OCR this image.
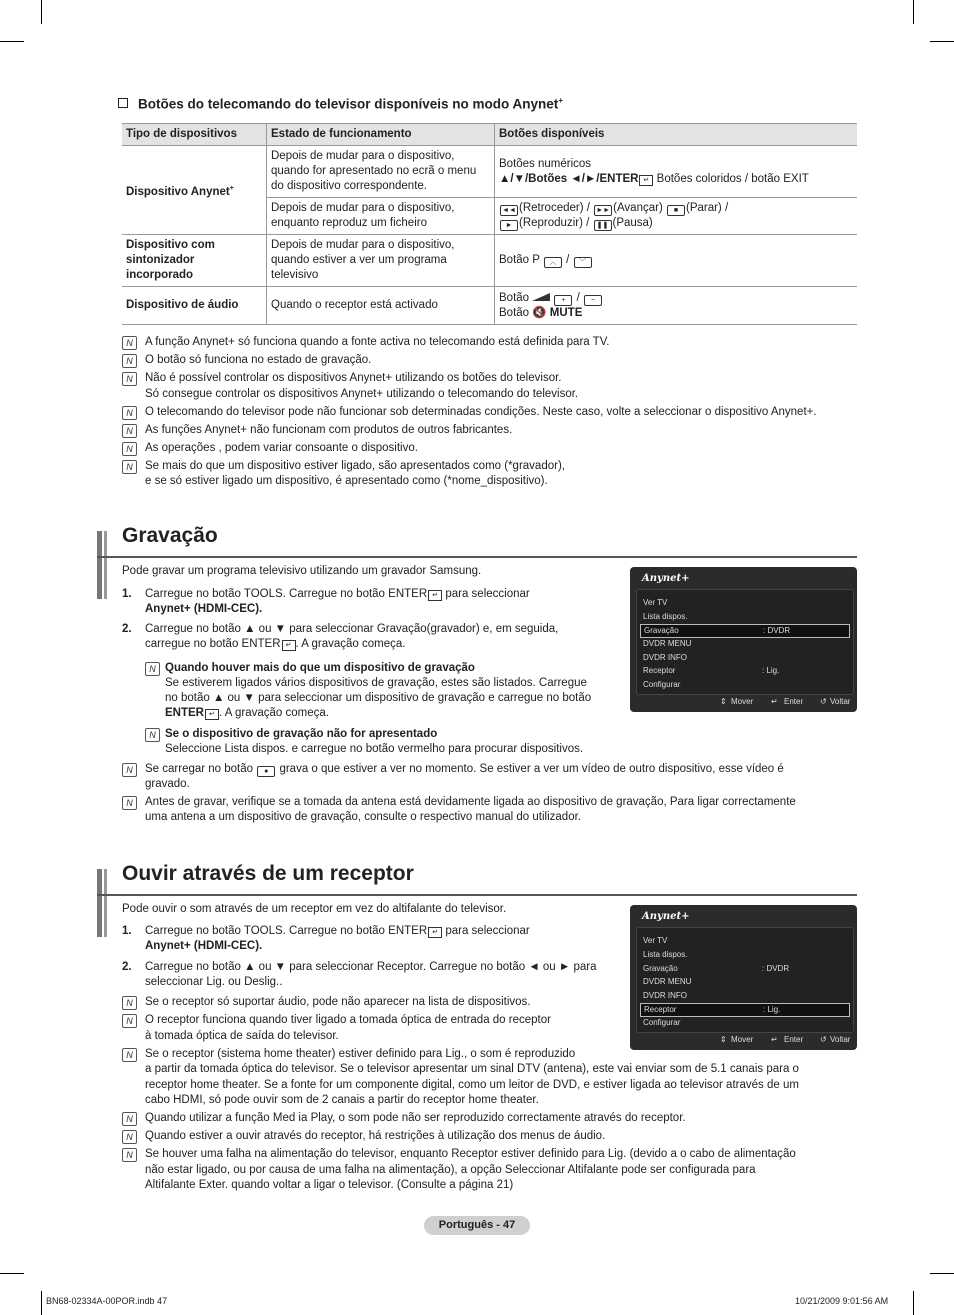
Botões do telecomando do televisor disponíveis no modo Anynet+
Tipo de dispositivos	Estado de funcionamento	Botões disponíveis
Dispositivo Anynet+	Depois de mudar para o dispositivo, quando for apresentado no ecrã o menu do dispositivo correspondente.	Botões numéricos
▲/▼/Botões ◄/►/ENTER ↵ Botões coloridos / botão EXIT

	Depois de mudar para o dispositivo, enquanto reproduz um ficheiro	◄◄ (Retroceder) / ►► (Avançar) ■ (Parar) /
► (Reproduzir) / ❚❚ (Pausa)

Dispositivo com sintonizador incorporado	Depois de mudar para o dispositivo, quando estiver a ver um programa televisivo	Botão P ︿ / ﹀
Dispositivo de áudio	Quando o receptor está activado	Botão + / −
Botão 🔇 MUTE
N	A função Anynet+ só funciona quando a fonte activa no telecomando está definida para TV.
N	O botão só funciona no estado de gravação.
N	Não é possível controlar os dispositivos Anynet+ utilizando os botões do televisor.
Só consegue controlar os dispositivos Anynet+ utilizando o telecomando do televisor.
N	O telecomando do televisor pode não funcionar sob determinadas condições. Neste caso, volte a seleccionar o dispositivo Anynet+.
N	As funções Anynet+ não funcionam com produtos de outros fabricantes.
N	As operações , podem variar consoante o dispositivo.
N	Se mais do que um dispositivo estiver ligado, são apresentados como (*gravador),
e se só estiver ligado um dispositivo, é apresentado como (*nome_dispositivo).
Gravação
Pode gravar um programa televisivo utilizando um gravador Samsung.
1. Carregue no botão TOOLS. Carregue no botão ENTER ↵ para seleccionar
Anynet+ (HDMI-CEC).
2. Carregue no botão ▲ ou ▼ para seleccionar Gravação(gravador) e, em seguida,
carregue no botão ENTER ↵ . A gravação começa.
N Quando houver mais do que um dispositivo de gravação
Se estiverem ligados vários dispositivos de gravação, estes são listados. Carregue
no botão ▲ ou ▼ para seleccionar um dispositivo de gravação e carregue no botão
ENTER ↵ . A gravação começa.
N Se o dispositivo de gravação não for apresentado
Seleccione Lista dispos. e carregue no botão vermelho para procurar dispositivos.
N	Se carregar no botão ● grava o que estiver a ver no momento. Se estiver a ver um vídeo de outro dispositivo, esse vídeo é
gravado.
N	Antes de gravar, verifique se a tomada da antena está devidamente ligada ao dispositivo de gravação, Para ligar correctamente
uma antena a um dispositivo de gravação, consulte o respectivo manual do utilizador.
Anynet+
Ver TV
Lista dispos.
Gravação	: DVDR
DVDR MENU
DVDR INFO
Receptor	: Lig.
Configurar
⇕ Mover ↵ Enter ↺ Voltar
Ouvir através de um receptor
Pode ouvir o som através de um receptor em vez do altifalante do televisor.
1. Carregue no botão TOOLS. Carregue no botão ENTER ↵ para seleccionar
Anynet+ (HDMI-CEC).
2. Carregue no botão ▲ ou ▼ para seleccionar Receptor. Carregue no botão ◄ ou ► para
seleccionar Lig. ou Deslig..
N	Se o receptor só suportar áudio, pode não aparecer na lista de dispositivos.
N	O receptor funciona quando tiver ligado a tomada óptica de entrada do receptor
à tomada óptica de saída do televisor.
N	Se o receptor (sistema home theater) estiver definido para Lig., o som é reproduzido
a partir da tomada óptica do televisor. Se o televisor apresentar um sinal DTV (antena), este vai enviar som de 5.1 canais para o
receptor home theater. Se a fonte for um componente digital, como um leitor de DVD, e estiver ligada ao televisor através de um
cabo HDMI, só pode ouvir som de 2 canais a partir do receptor home theater.
N	Quando utilizar a função Med ia Play, o som pode não ser reproduzido correctamente através do receptor.
N	Quando estiver a ouvir através do receptor, há restrições à utilização dos menus de áudio.
N	Se houver uma falha na alimentação do televisor, enquanto Receptor estiver definido para Lig. (devido a o cabo de alimentação
não estar ligado, ou por causa de uma falha na alimentação), a opção Seleccionar Altifalante pode ser configurada para
Altifalante Exter. quando voltar a ligar o televisor. (Consulte a página 21)
Anynet+
Ver TV
Lista dispos.
Gravação	: DVDR
DVDR MENU
DVDR INFO
Receptor	: Lig.
Configurar
⇕ Mover ↵ Enter ↺ Voltar
Português - 47
BN68-02334A-00POR.indb 47	10/21/2009 9:01:56 AM
